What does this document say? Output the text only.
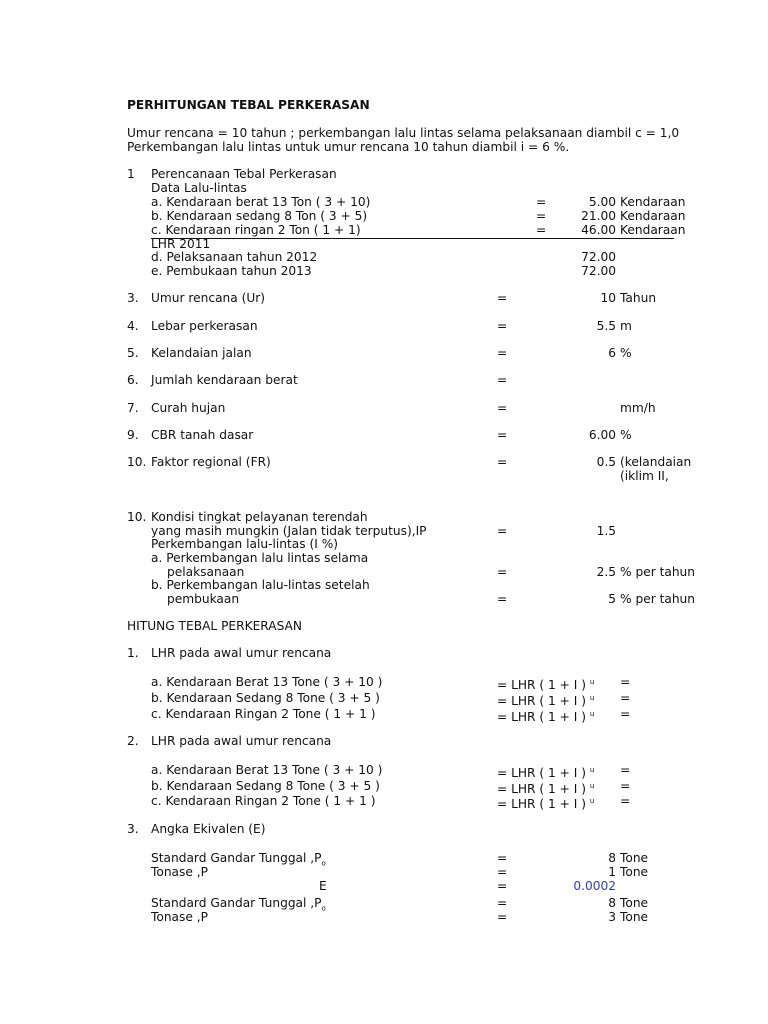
PERHITUNGAN TEBAL PERKERASAN
Umur rencana = 10 tahun ; perkembangan lalu lintas selama pelaksanaan diambil c = 1,0
Perkembangan lalu lintas untuk umur rencana 10 tahun diambil i = 6 %.
1 Perencanaan Tebal Perkerasan
Data Lalu-lintas
a. Kendaraan berat 13 Ton ( 3 + 10)	=	5.00 Kendaraan
b. Kendaraan sedang 8 Ton ( 3 + 5)	=	21.00 Kendaraan
c. Kendaraan ringan 2 Ton ( 1 + 1)	=	46.00 Kendaraan
LHR 2011
d. Pelaksanaan tahun 2012	72.00
e. Pembukaan tahun 2013	72.00
3. Umur rencana (Ur)	=	10 Tahun
4. Lebar perkerasan	=	5.5 m
5. Kelandaian jalan	=	6 %
6. Jumlah kendaraan berat	=
7. Curah hujan	=	mm/h
9. CBR tanah dasar	=	6.00 %
10. Faktor regional (FR)	=	0.5 (kelandaian
(iklim II,
10. Kondisi tingkat pelayanan terendah
yang masih mungkin (Jalan tidak terputus),IP	=	1.5
Perkembangan lalu-lintas (I %)
a. Perkembangan lalu lintas selama
pelaksanaan	=	2.5 % per tahun
b. Perkembangan lalu-lintas setelah
pembukaan	=	5 % per tahun
HITUNG TEBAL PERKERASAN
1. LHR pada awal umur rencana
a. Kendaraan Berat 13 Tone ( 3 + 10 )	= LHR ( 1 + I ) $^u$ =
b. Kendaraan Sedang 8 Tone ( 3 + 5 )	= LHR ( 1 + I ) $^u$ =
c. Kendaraan Ringan 2 Tone ( 1 + 1 )	= LHR ( 1 + I ) $^u$ =
2. LHR pada awal umur rencana
a. Kendaraan Berat 13 Tone ( 3 + 10 )	= LHR ( 1 + I ) $^u$ =
b. Kendaraan Sedang 8 Tone ( 3 + 5 )	= LHR ( 1 + I ) $^u$ =
c. Kendaraan Ringan 2 Tone ( 1 + 1 )	= LHR ( 1 + I ) $^u$ =
3. Angka Ekivalen (E)
Standard Gandar Tunggal $,P_o$	=	8 Tone
Tonase ,P	=	1 Tone
E	=	0.0002
Standard Gandar Tunggal $,P_o$	=	8 Tone
Tonase ,P	=	3 Tone
